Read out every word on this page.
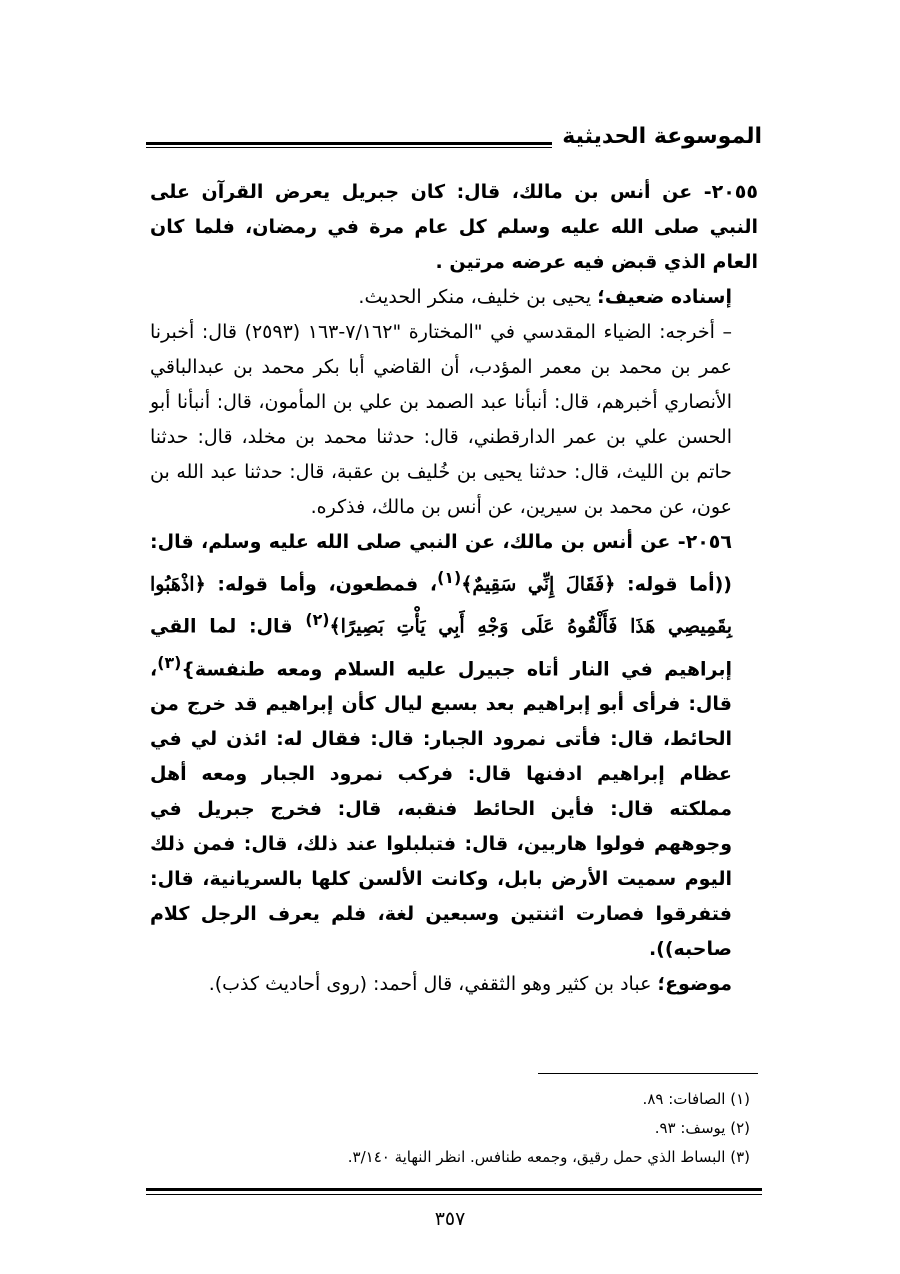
الموسوعة الحديثية
٢٠٥٥- عن أنس بن مالك، قال: كان جبريل يعرض القرآن على النبي صلى الله عليه وسلم كل عام مرة في رمضان، فلما كان العام الذي قبض فيه عرضه مرتين .
إسناده ضعيف؛ يحيى بن خليف، منكر الحديث.
– أخرجه: الضياء المقدسي في "المختارة "٧/١٦٢-١٦٣ (٢٥٩٣) قال: أخبرنا عمر بن محمد بن معمر المؤدب، أن القاضي أبا بكر محمد بن عبدالباقي الأنصاري أخبرهم، قال: أنبأنا عبد الصمد بن علي بن المأمون، قال: أنبأنا أبو الحسن علي بن عمر الدارقطني، قال: حدثنا محمد بن مخلد، قال: حدثنا حاتم بن الليث، قال: حدثنا يحيى بن خُليف بن عقبة، قال: حدثنا عبد الله بن عون، عن محمد بن سيرين، عن أنس بن مالك، فذكره.
٢٠٥٦- عن أنس بن مالك، عن النبي صلى الله عليه وسلم، قال: ((أما قوله: ﴿فَقَالَ إِنِّي سَقِيمٌ﴾$^{(١)}$، فمطعون، وأما قوله: ﴿اذْهَبُوا بِقَمِيصِي هَذَا فَأَلْقُوهُ عَلَى وَجْهِ أَبِي يَأْتِ بَصِيرًا﴾$^{(٢)}$ قال: لما القي إبراهيم في النار أتاه جبيرل عليه السلام ومعه طنفسة}$^{(٣)}$، قال: فرأى أبو إبراهيم بعد بسبع ليال كأن إبراهيم قد خرج من الحائط، قال: فأتى نمرود الجبار: قال: فقال له: ائذن لي في عظام إبراهيم ادفنها قال: فركب نمرود الجبار ومعه أهل مملكته قال: فأين الحائط فنقبه، قال: فخرج جبريل في وجوههم فولوا هاربين، قال: فتبلبلوا عند ذلك، قال: فمن ذلك اليوم سميت الأرض بابل، وكانت الألسن كلها بالسريانية، قال: فتفرقوا فصارت اثنتين وسبعين لغة، فلم يعرف الرجل كلام صاحبه)).
موضوع؛ عباد بن كثير وهو الثقفي، قال أحمد: (روى أحاديث كذب).
(١) الصافات: ٨٩.
(٢) يوسف: ٩٣.
(٣) البساط الذي حمل رقيق، وجمعه طنافس. انظر النهاية ٣/١٤٠.
٣٥٧
